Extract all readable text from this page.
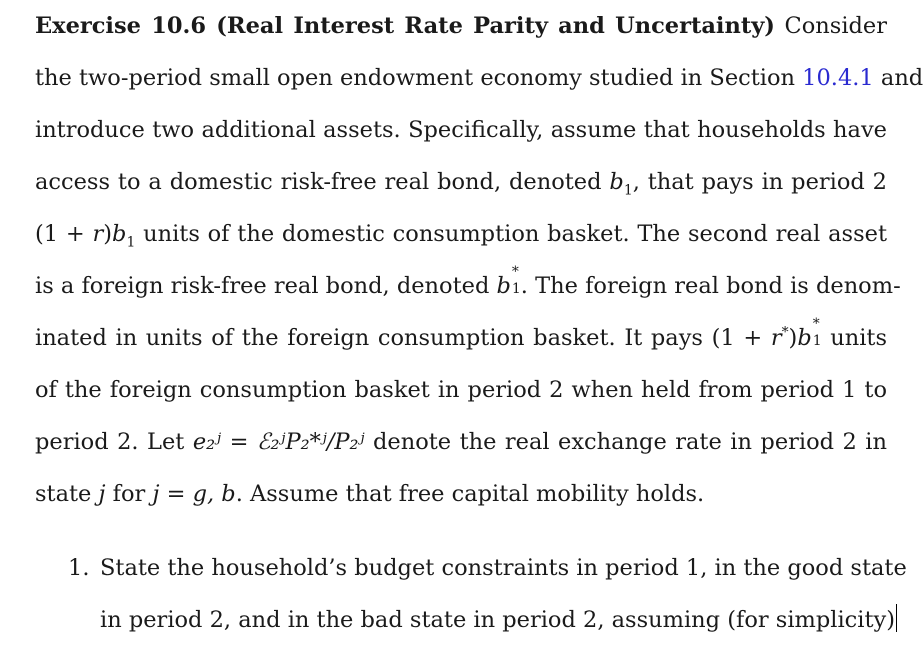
Exercise 10.6 (Real Interest Rate Parity and Uncertainty) Consider
the two-period small open endowment economy studied in Section 10.4.1 and
introduce two additional assets. Specifically, assume that households have
access to a domestic risk-free real bond, denoted $b_1$, that pays in period 2
$(1 + r)b_1$ units of the domestic consumption basket. The second real asset
is a foreign risk-free real bond, denoted b
*
1 . The foreign real bond is denom-
inated in units of the foreign consumption basket. It pays (1 + r*)b
*
1 units
of the foreign consumption basket in period 2 when held from period 1 to
period 2. Let e₂ʲ = ℰ₂ʲP₂*ʲ/P₂ʲ denote the real exchange rate in period 2 in
state j for j = g, b. Assume that free capital mobility holds.
1. State the household’s budget constraints in period 1, in the good state
in period 2, and in the bad state in period 2, assuming (for simplicity)
